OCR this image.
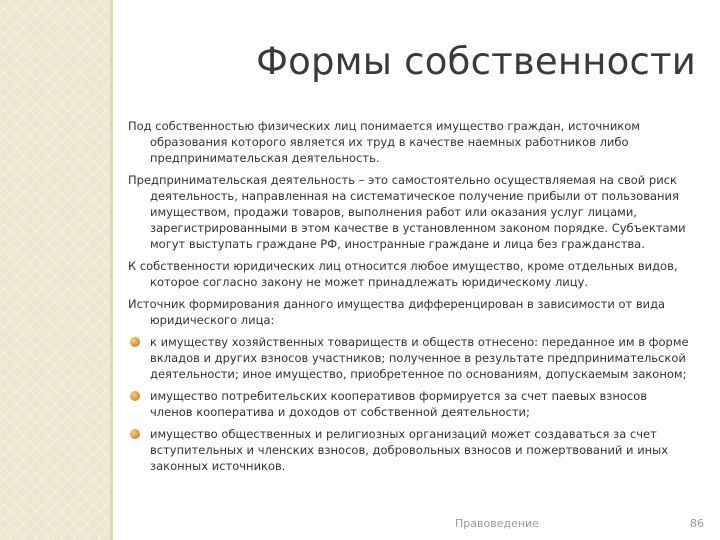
Формы собственности

Под собственностью физических лиц понимается имущество граждан, источником образования которого является их труд в качестве наемных работников либо предпринимательская деятельность.

Предпринимательская деятельность – это самостоятельно осуществляемая на свой риск деятельность, направленная на систематическое получение прибыли от пользования имуществом, продажи товаров, выполнения работ или оказания услуг лицами, зарегистрированными в этом качестве в установленном законом порядке. Субъектами могут выступать граждане РФ, иностранные граждане и лица без гражданства.

К собственности юридических лиц относится любое имущество, кроме отдельных видов, которое согласно закону не может принадлежать юридическому лицу.

Источник формирования данного имущества дифференцирован в зависимости от вида юридического лица:

к имуществу хозяйственных товариществ и обществ отнесено: переданное им в форме вкладов и других взносов участников; полученное в результате предпринимательской деятельности; иное имущество, приобретенное по основаниям, допускаемым законом;
имущество потребительских кооперативов формируется за счет паевых взносов членов кооператива и доходов от собственной деятельности;
имущество общественных и религиозных организаций может создаваться за счет вступительных и членских взносов, добровольных взносов и пожертвований и иных законных источников.
Правоведение	86
